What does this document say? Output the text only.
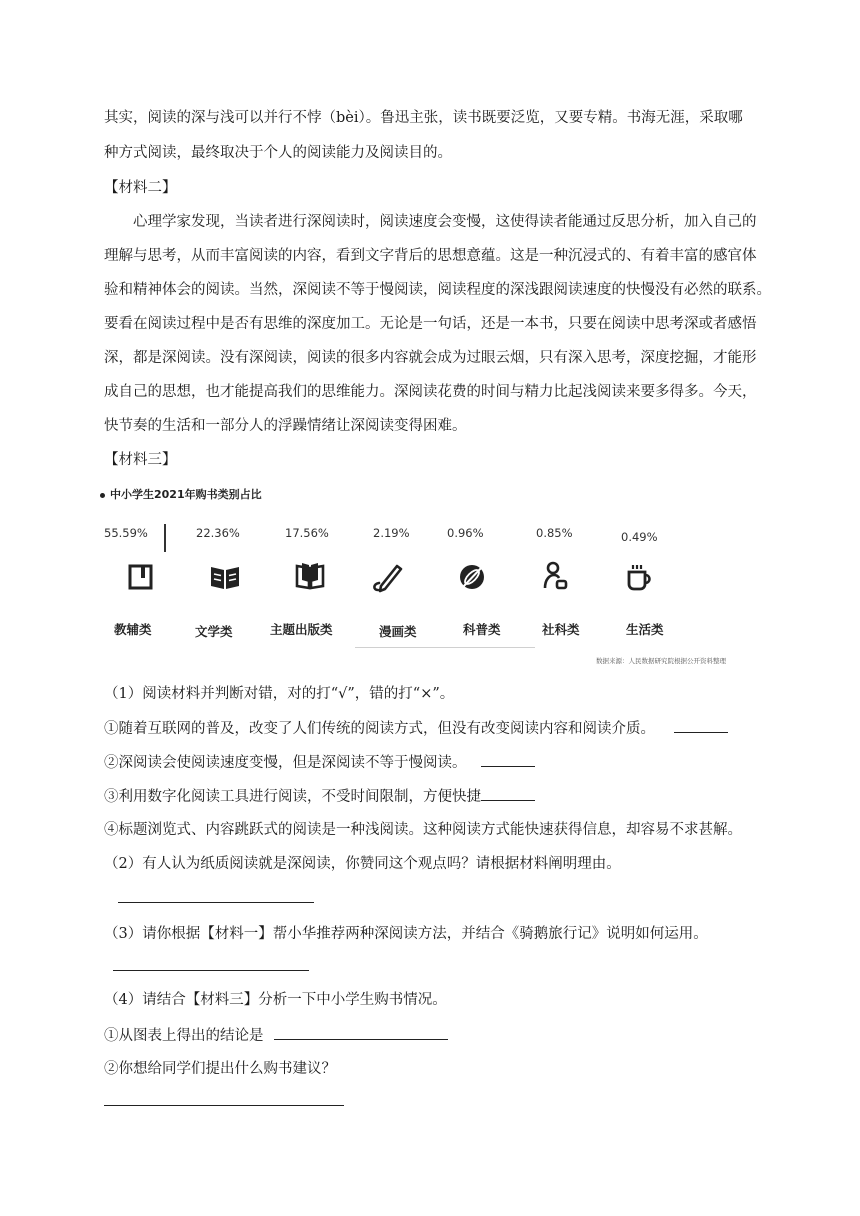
其实，阅读的深与浅可以并行不悖（bèi）。鲁迅主张，读书既要泛览，又要专精。书海无涯，采取哪
种方式阅读，最终取决于个人的阅读能力及阅读目的。
【材料二】
心理学家发现，当读者进行深阅读时，阅读速度会变慢，这使得读者能通过反思分析，加入自己的
理解与思考，从而丰富阅读的内容，看到文字背后的思想意蕴。这是一种沉浸式的、有着丰富的感官体
验和精神体会的阅读。当然，深阅读不等于慢阅读，阅读程度的深浅跟阅读速度的快慢没有必然的联系。
要看在阅读过程中是否有思维的深度加工。无论是一句话，还是一本书，只要在阅读中思考深或者感悟
深，都是深阅读。没有深阅读，阅读的很多内容就会成为过眼云烟，只有深入思考，深度挖掘，才能形
成自己的思想，也才能提高我们的思维能力。深阅读花费的时间与精力比起浅阅读来要多得多。今天，
快节奏的生活和一部分人的浮躁情绪让深阅读变得困难。
【材料三】
中小学生2021年购书类别占比
55.59%	22.36%	17.56%	2.19%	0.96%	0.85%	0.49%
教辅类	文学类	主题出版类	漫画类	科普类	社科类	生活类
数据来源：人民数据研究院根据公开资料整理
（1）阅读材料并判断对错，对的打“√”，错的打“×”。
①随着互联网的普及，改变了人们传统的阅读方式，但没有改变阅读内容和阅读介质。
②深阅读会使阅读速度变慢，但是深阅读不等于慢阅读。
③利用数字化阅读工具进行阅读，不受时间限制，方便快捷
④标题浏览式、内容跳跃式的阅读是一种浅阅读。这种阅读方式能快速获得信息，却容易不求甚解。
（2）有人认为纸质阅读就是深阅读，你赞同这个观点吗？请根据材料阐明理由。
（3）请你根据【材料一】帮小华推荐两种深阅读方法，并结合《骑鹅旅行记》说明如何运用。
（4）请结合【材料三】分析一下中小学生购书情况。
①从图表上得出的结论是
②你想给同学们提出什么购书建议？
